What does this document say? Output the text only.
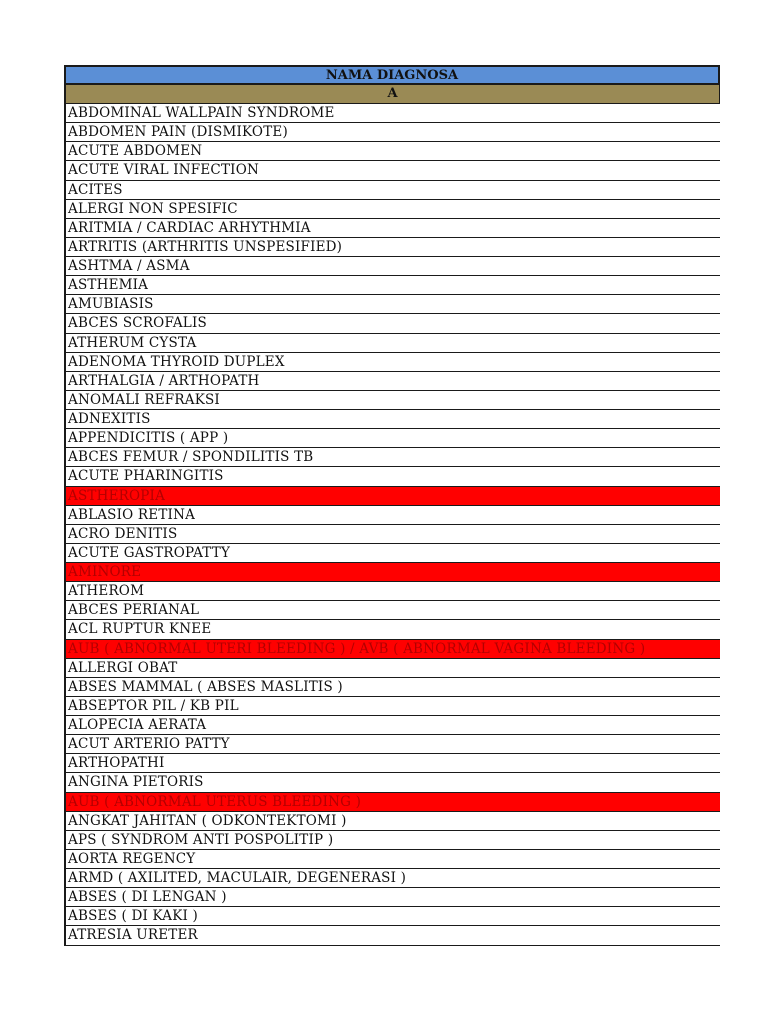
NAMA DIAGNOSA
A
ABDOMINAL WALLPAIN SYNDROME
ABDOMEN PAIN (DISMIKOTE)
ACUTE ABDOMEN
ACUTE VIRAL INFECTION
ACITES
ALERGI NON SPESIFIC
ARITMIA / CARDIAC ARHYTHMIA
ARTRITIS (ARTHRITIS UNSPESIFIED)
ASHTMA / ASMA
ASTHEMIA
AMUBIASIS
ABCES SCROFALIS
ATHERUM CYSTA
ADENOMA THYROID DUPLEX
ARTHALGIA / ARTHOPATH
ANOMALI REFRAKSI
ADNEXITIS
APPENDICITIS ( APP )
ABCES FEMUR / SPONDILITIS TB
ACUTE PHARINGITIS
ASTHEROPIA
ABLASIO RETINA
ACRO DENITIS
ACUTE GASTROPATTY
AMINORE
ATHEROM
ABCES PERIANAL
ACL RUPTUR KNEE
AUB ( ABNORMAL UTERI BLEEDING ) / AVB ( ABNORMAL VAGINA BLEEDING )
ALLERGI OBAT
ABSES MAMMAL ( ABSES MASLITIS )
ABSEPTOR PIL / KB PIL
ALOPECIA AERATA
ACUT ARTERIO PATTY
ARTHOPATHI
ANGINA PIETORIS
AUB ( ABNORMAL UTERUS BLEEDING )
ANGKAT JAHITAN ( ODKONTEKTOMI )
APS ( SYNDROM ANTI POSPOLITIP )
AORTA REGENCY
ARMD ( AXILITED, MACULAIR, DEGENERASI )
ABSES ( DI LENGAN )
ABSES ( DI KAKI )
ATRESIA URETER
